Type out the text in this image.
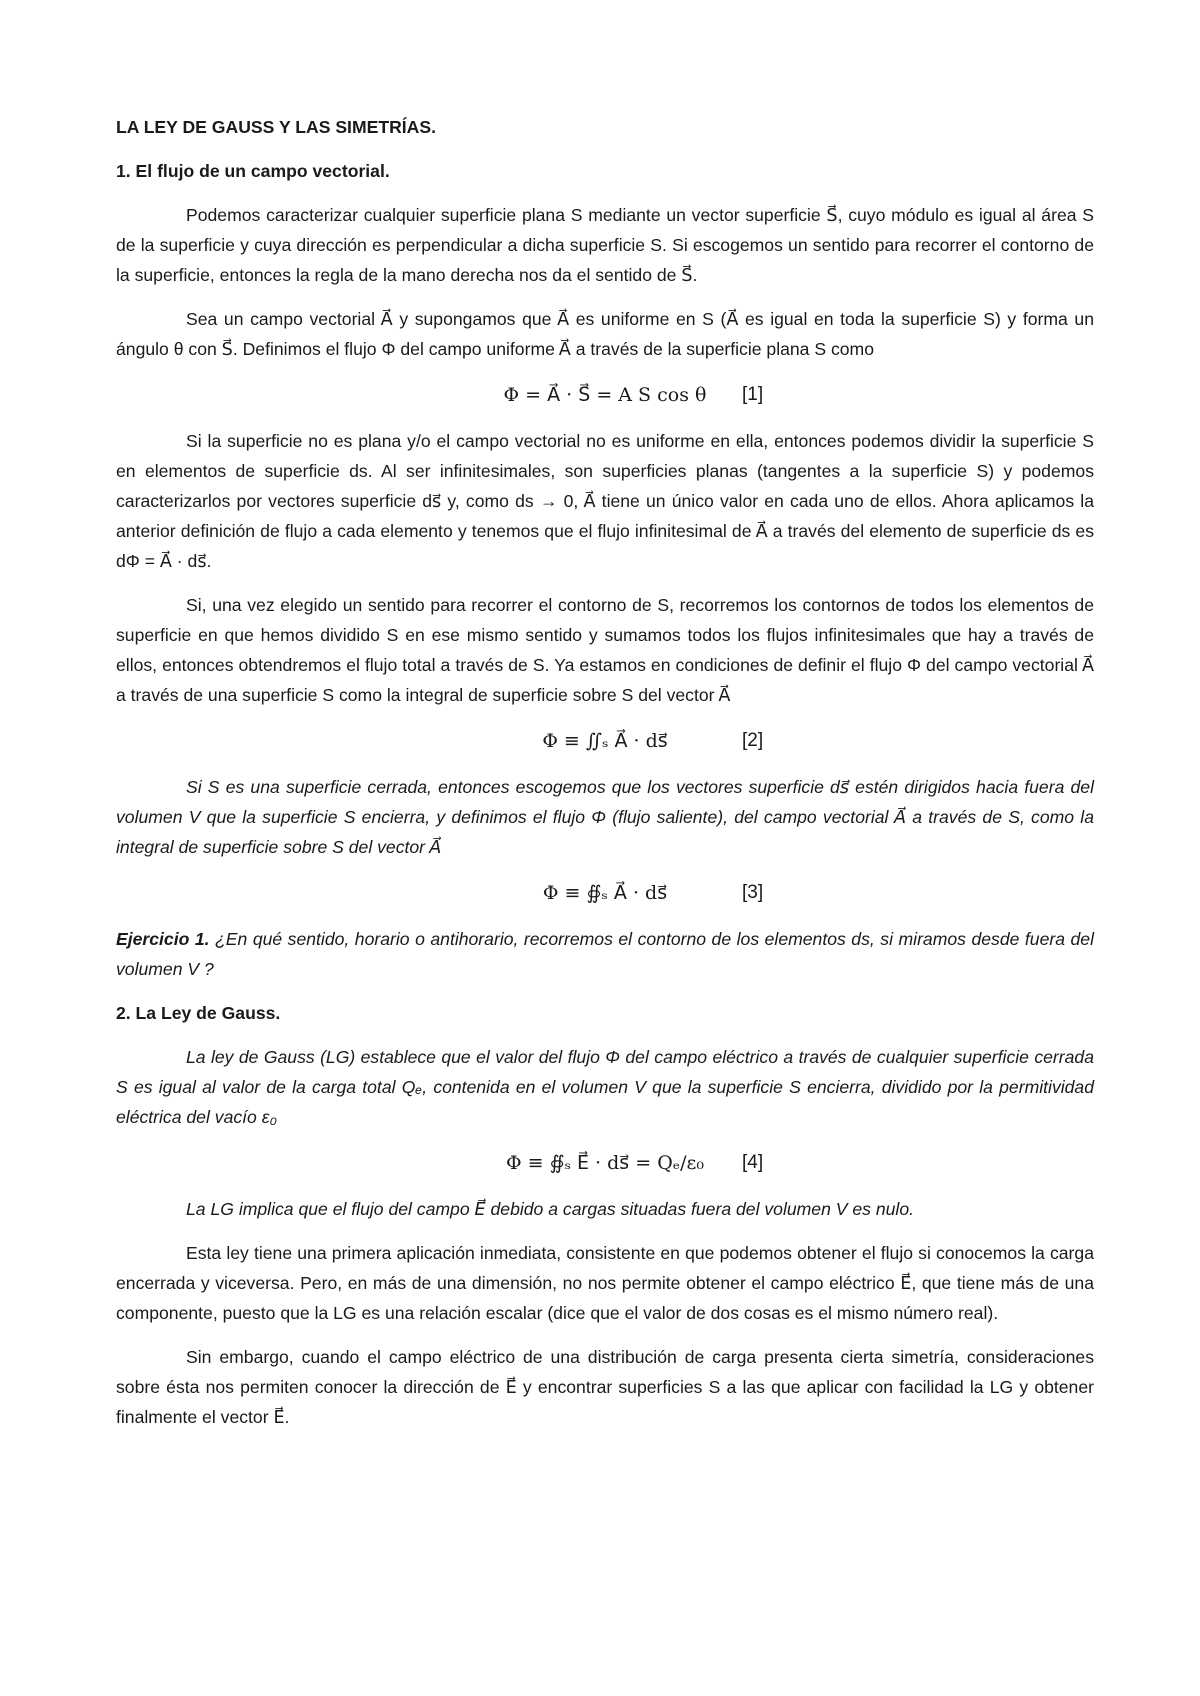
LA LEY DE GAUSS Y LAS SIMETRÍAS.
1. El flujo de un campo vectorial.

Podemos caracterizar cualquier superficie plana S mediante un vector superficie S⃗, cuyo módulo es igual al área S de la superficie y cuya dirección es perpendicular a dicha superficie S. Si escogemos un sentido para recorrer el contorno de la superficie, entonces la regla de la mano derecha nos da el sentido de S⃗.

Sea un campo vectorial A⃗ y supongamos que A⃗ es uniforme en S (A⃗ es igual en toda la superficie S) y forma un ángulo θ con S⃗. Definimos el flujo Φ del campo uniforme A⃗ a través de la superficie plana S como

Φ = A⃗ · S⃗ = A S cos θ	[1]

Si la superficie no es plana y/o el campo vectorial no es uniforme en ella, entonces podemos dividir la superficie S en elementos de superficie ds. Al ser infinitesimales, son superficies planas (tangentes a la superficie S) y podemos caracterizarlos por vectores superficie ds⃗ y, como ds → 0, A⃗ tiene un único valor en cada uno de ellos. Ahora aplicamos la anterior definición de flujo a cada elemento y tenemos que el flujo infinitesimal de A⃗ a través del elemento de superficie ds es dΦ = A⃗ · ds⃗.

Si, una vez elegido un sentido para recorrer el contorno de S, recorremos los contornos de todos los elementos de superficie en que hemos dividido S en ese mismo sentido y sumamos todos los flujos infinitesimales que hay a través de ellos, entonces obtendremos el flujo total a través de S. Ya estamos en condiciones de definir el flujo Φ del campo vectorial A⃗ a través de una superficie S como la integral de superficie sobre S del vector A⃗

Φ ≡ ∬ₛ A⃗ · ds⃗	[2]

Si S es una superficie cerrada, entonces escogemos que los vectores superficie ds⃗ estén dirigidos hacia fuera del volumen V que la superficie S encierra, y definimos el flujo Φ (flujo saliente), del campo vectorial A⃗ a través de S, como la integral de superficie sobre S del vector A⃗

Φ ≡ ∯ₛ A⃗ · ds⃗	[3]

Ejercicio 1. ¿En qué sentido, horario o antihorario, recorremos el contorno de los elementos ds, si miramos desde fuera del volumen V ?

2. La Ley de Gauss.

La ley de Gauss (LG) establece que el valor del flujo Φ del campo eléctrico a través de cualquier superficie cerrada S es igual al valor de la carga total Qₑ, contenida en el volumen V que la superficie S encierra, dividido por la permitividad eléctrica del vacío ε₀

Φ ≡ ∯ₛ E⃗ · ds⃗ = Qₑ/ε₀	[4]

La LG implica que el flujo del campo E⃗ debido a cargas situadas fuera del volumen V es nulo.

Esta ley tiene una primera aplicación inmediata, consistente en que podemos obtener el flujo si conocemos la carga encerrada y viceversa. Pero, en más de una dimensión, no nos permite obtener el campo eléctrico E⃗, que tiene más de una componente, puesto que la LG es una relación escalar (dice que el valor de dos cosas es el mismo número real).

Sin embargo, cuando el campo eléctrico de una distribución de carga presenta cierta simetría, consideraciones sobre ésta nos permiten conocer la dirección de E⃗ y encontrar superficies S a las que aplicar con facilidad la LG y obtener finalmente el vector E⃗.
